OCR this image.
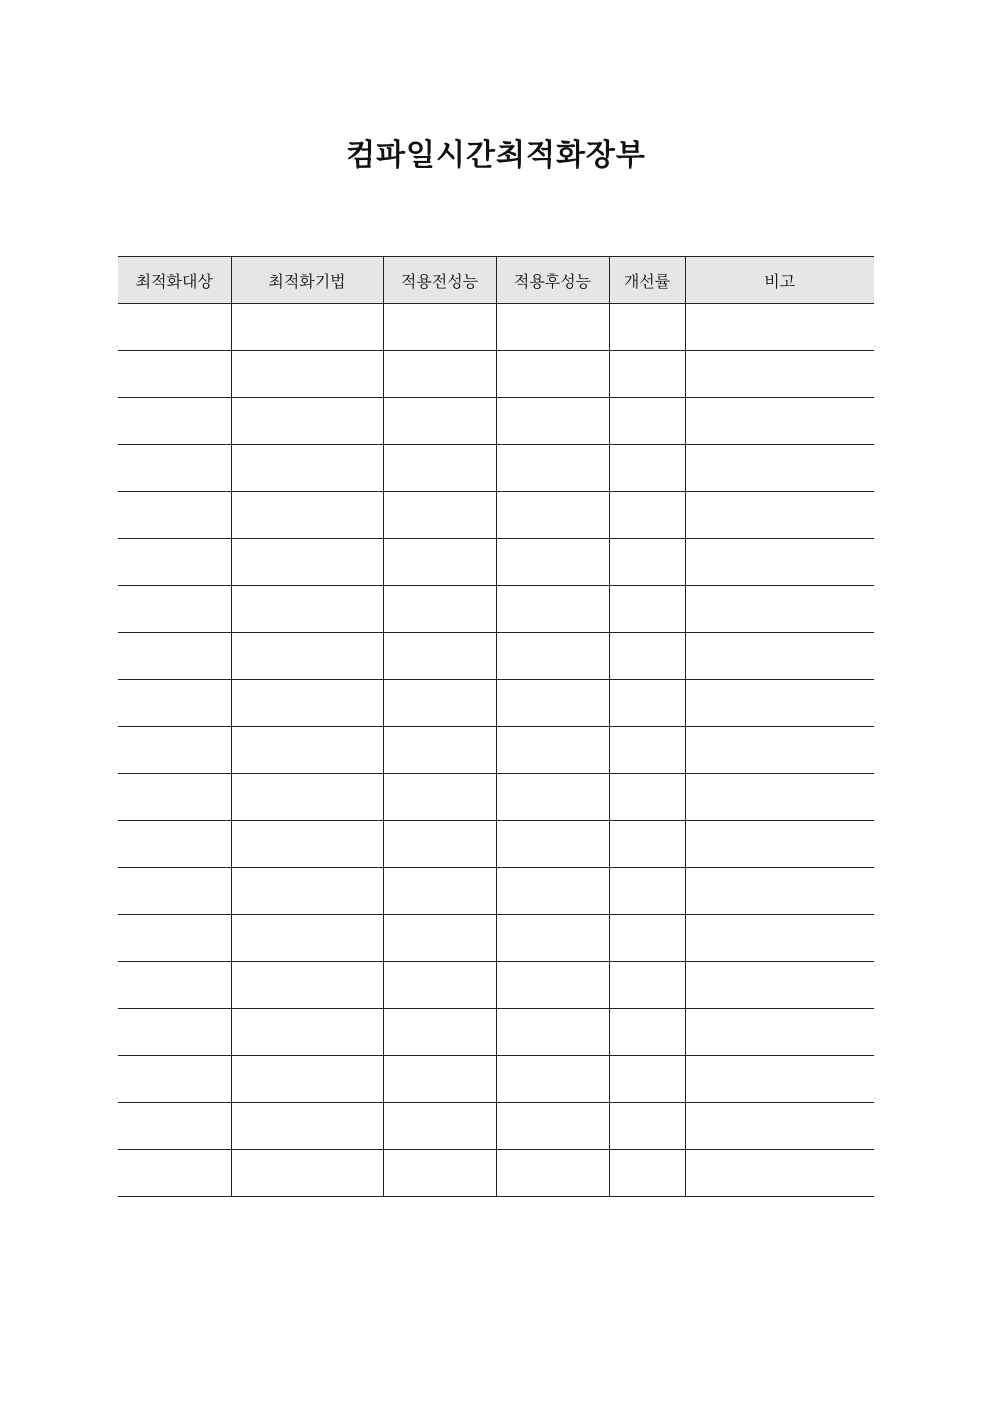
컴파일시간최적화장부
최적화대상	최적화기법	적용전성능	적용후성능	개선률	비고
